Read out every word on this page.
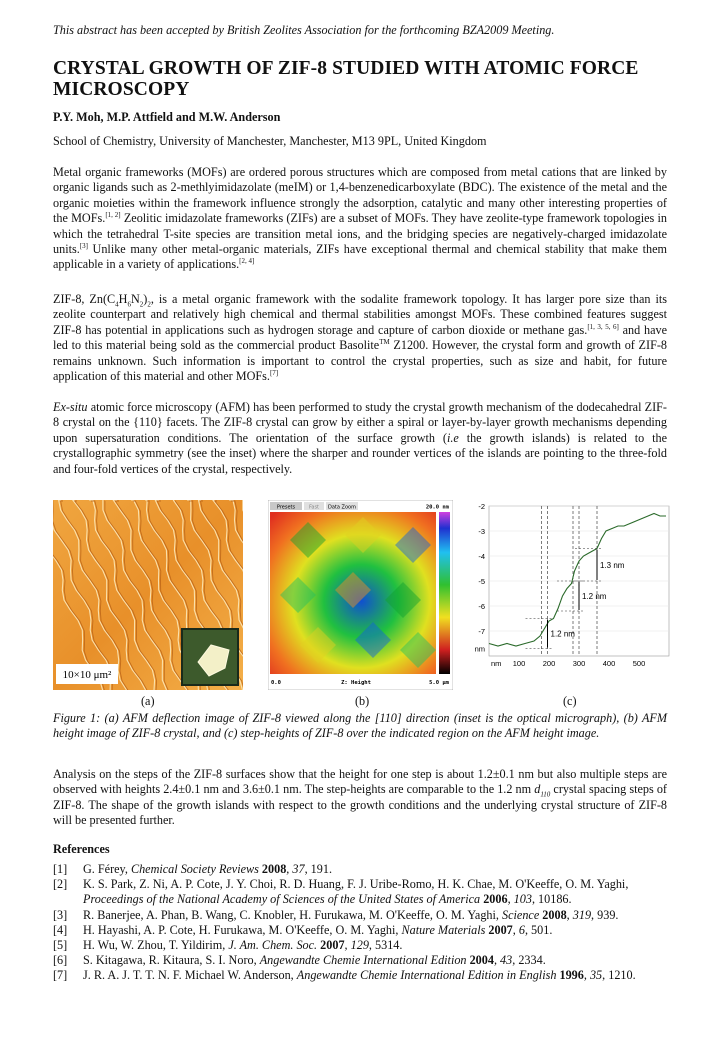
This abstract has been accepted by British Zeolites Association for the forthcoming BZA2009 Meeting.
CRYSTAL GROWTH OF ZIF-8 STUDIED WITH ATOMIC FORCE MICROSCOPY
P.Y. Moh, M.P. Attfield and M.W. Anderson
School of Chemistry, University of Manchester, Manchester, M13 9PL, United Kingdom

Metal organic frameworks (MOFs) are ordered porous structures which are composed from metal cations that are linked by organic ligands such as 2-methlyimidazolate (meIM) or 1,4-benzenedicarboxylate (BDC). The existence of the metal and the organic moieties within the framework influence strongly the adsorption, catalytic and many other interesting properties of the MOFs.[1, 2] Zeolitic imidazolate frameworks (ZIFs) are a subset of MOFs. They have zeolite-type framework topologies in which the tetrahedral T-site species are transition metal ions, and the bridging species are negatively-charged imidazolate units.[3] Unlike many other metal-organic materials, ZIFs have exceptional thermal and chemical stability that make them applicable in a variety of applications.[2, 4]

ZIF-8, $Zn(C_4H_6N_2)_2$, is a metal organic framework with the sodalite framework topology. It has larger pore size than its zeolite counterpart and relatively high chemical and thermal stabilities amongst MOFs. These combined features suggest ZIF-8 has potential in applications such as hydrogen storage and capture of carbon dioxide or methane gas.[1, 3, 5, 6] and have led to this material being sold as the commercial product Basolite™ Z1200. However, the crystal form and growth of ZIF-8 remains unknown. Such information is important to control the crystal properties, such as size and habit, for future application of this material and other MOFs.[7]

Ex-situ atomic force microscopy (AFM) has been performed to study the crystal growth mechanism of the dodecahedral ZIF-8 crystal on the {110} facets. The ZIF-8 crystal can grow by either a spiral or layer-by-layer growth mechanisms depending upon supersaturation conditions. The orientation of the surface growth (i.e the growth islands) is related to the crystallographic symmetry (see the inset) where the sharper and rounder vertices of the islands are pointing to the three-fold and four-fold vertices of the crystal, respectively.

10×10 μm²
Presets	Fast Data Zoom	20.0 nm
0.0	Z: Height	5.0 μm
-2
-3
-4
-5
-6
-7
100 200 300 400 500
nm
nm
1.3 nm
1.2 nm
1.2 nm
(a)	(b)	(c)
Figure 1: (a) AFM deflection image of ZIF-8 viewed along the [110] direction (inset is the optical micrograph), (b) AFM height image of ZIF-8 crystal, and (c) step-heights of ZIF-8 over the indicated region on the AFM height image.

Analysis on the steps of the ZIF-8 surfaces show that the height for one step is about 1.2±0.1 nm but also multiple steps are observed with heights 2.4±0.1 nm and 3.6±0.1 nm. The step-heights are comparable to the 1.2 nm $d_{110}$ crystal spacing steps of ZIF-8. The shape of the growth islands with respect to the growth conditions and the underlying crystal structure of ZIF-8 will be presented further.

References
[1]	G. Férey, Chemical Society Reviews 2008, 37, 191.
[2]	K. S. Park, Z. Ni, A. P. Cote, J. Y. Choi, R. D. Huang, F. J. Uribe-Romo, H. K. Chae, M. O'Keeffe, O. M. Yaghi, Proceedings of the National Academy of Sciences of the United States of America 2006, 103, 10186.
[3]	R. Banerjee, A. Phan, B. Wang, C. Knobler, H. Furukawa, M. O'Keeffe, O. M. Yaghi, Science 2008, 319, 939.
[4]	H. Hayashi, A. P. Cote, H. Furukawa, M. O'Keeffe, O. M. Yaghi, Nature Materials 2007, 6, 501.
[5]	H. Wu, W. Zhou, T. Yildirim, J. Am. Chem. Soc. 2007, 129, 5314.
[6]	S. Kitagawa, R. Kitaura, S. I. Noro, Angewandte Chemie International Edition 2004, 43, 2334.
[7]	J. R. A. J. T. T. N. F. Michael W. Anderson, Angewandte Chemie International Edition in English 1996, 35, 1210.
